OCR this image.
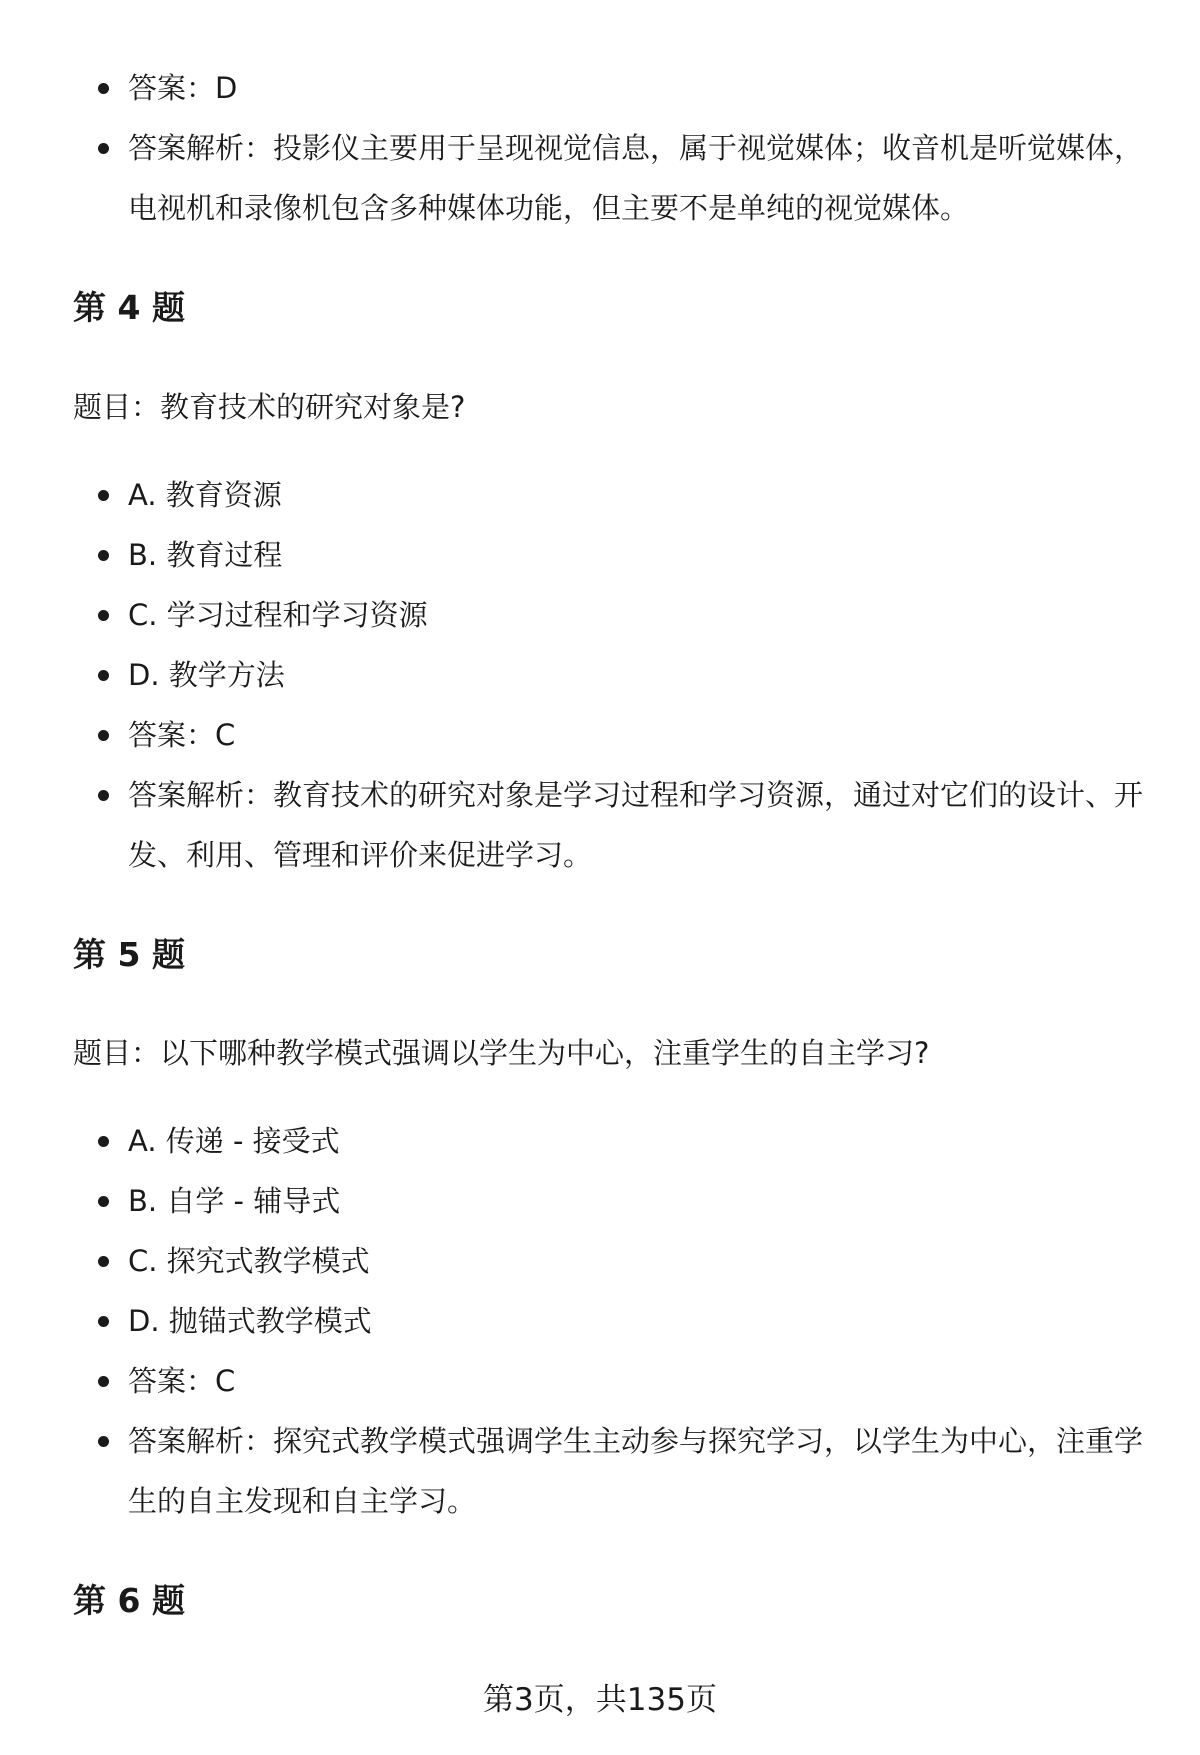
答案：D
答案解析：投影仪主要用于呈现视觉信息，属于视觉媒体；收音机是听觉媒体，电视机和录像机包含多种媒体功能，但主要不是单纯的视觉媒体。
第 4 题

题目：教育技术的研究对象是?

A. 教育资源
B. 教育过程
C. 学习过程和学习资源
D. 教学方法
答案：C
答案解析：教育技术的研究对象是学习过程和学习资源，通过对它们的设计、开发、利用、管理和评价来促进学习。
第 5 题

题目：以下哪种教学模式强调以学生为中心，注重学生的自主学习?

A. 传递 - 接受式
B. 自学 - 辅导式
C. 探究式教学模式
D. 抛锚式教学模式
答案：C
答案解析：探究式教学模式强调学生主动参与探究学习，以学生为中心，注重学生的自主发现和自主学习。
第 6 题
第3页，共135页
